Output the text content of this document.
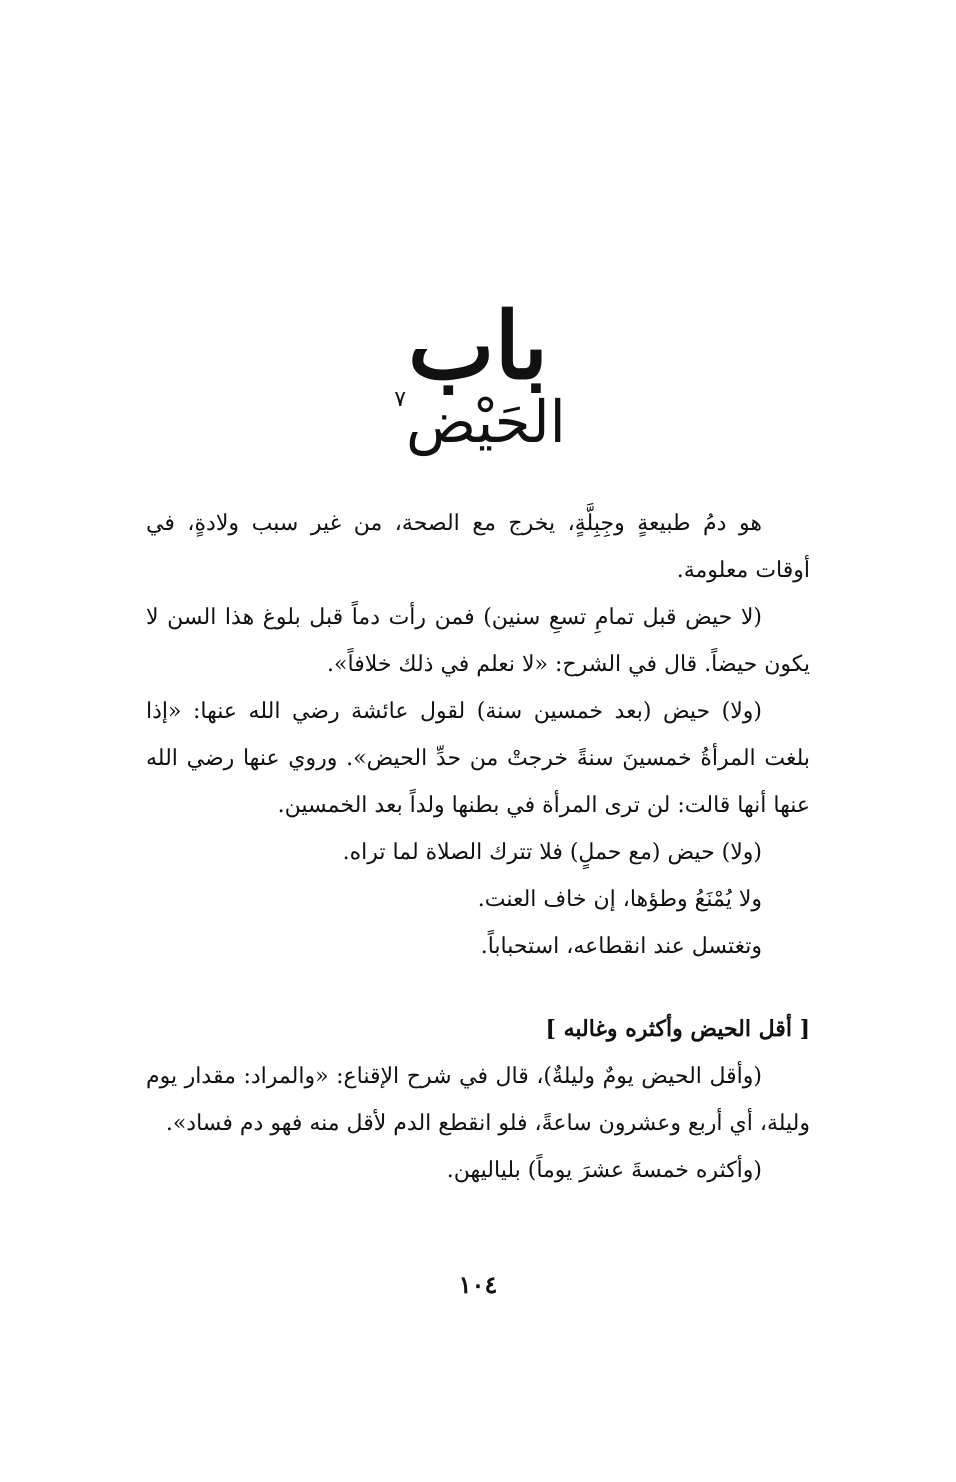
باب
الحَيْض$^٧$

هو دمُ طبيعةٍ وجِبِلَّةٍ، يخرج مع الصحة، من غير سبب ولادةٍ، في أوقات معلومة.

(لا حيض قبل تمامِ تسعِ سنين) فمن رأت دماً قبل بلوغ هذا السن لا يكون حيضاً. قال في الشرح: «لا نعلم في ذلك خلافاً».

(ولا) حيض (بعد خمسين سنة) لقول عائشة رضي الله عنها: «إذا بلغت المرأةُ خمسينَ سنةً خرجتْ من حدِّ الحيض». وروي عنها رضي الله عنها أنها قالت: لن ترى المرأة في بطنها ولداً بعد الخمسين.

(ولا) حيض (مع حملٍ) فلا تترك الصلاة لما تراه.

ولا يُمْنَعُ وطؤها، إن خاف العنت.

وتغتسل عند انقطاعه، استحباباً.

[ أقل الحيض وأكثره وغالبه ]

(وأقل الحيض يومٌ وليلةٌ)، قال في شرح الإقناع: «والمراد: مقدار يوم وليلة، أي أربع وعشرون ساعةً، فلو انقطع الدم لأقل منه فهو دم فساد».

(وأكثره خمسةَ عشرَ يوماً) بلياليهن.

١٠٤
